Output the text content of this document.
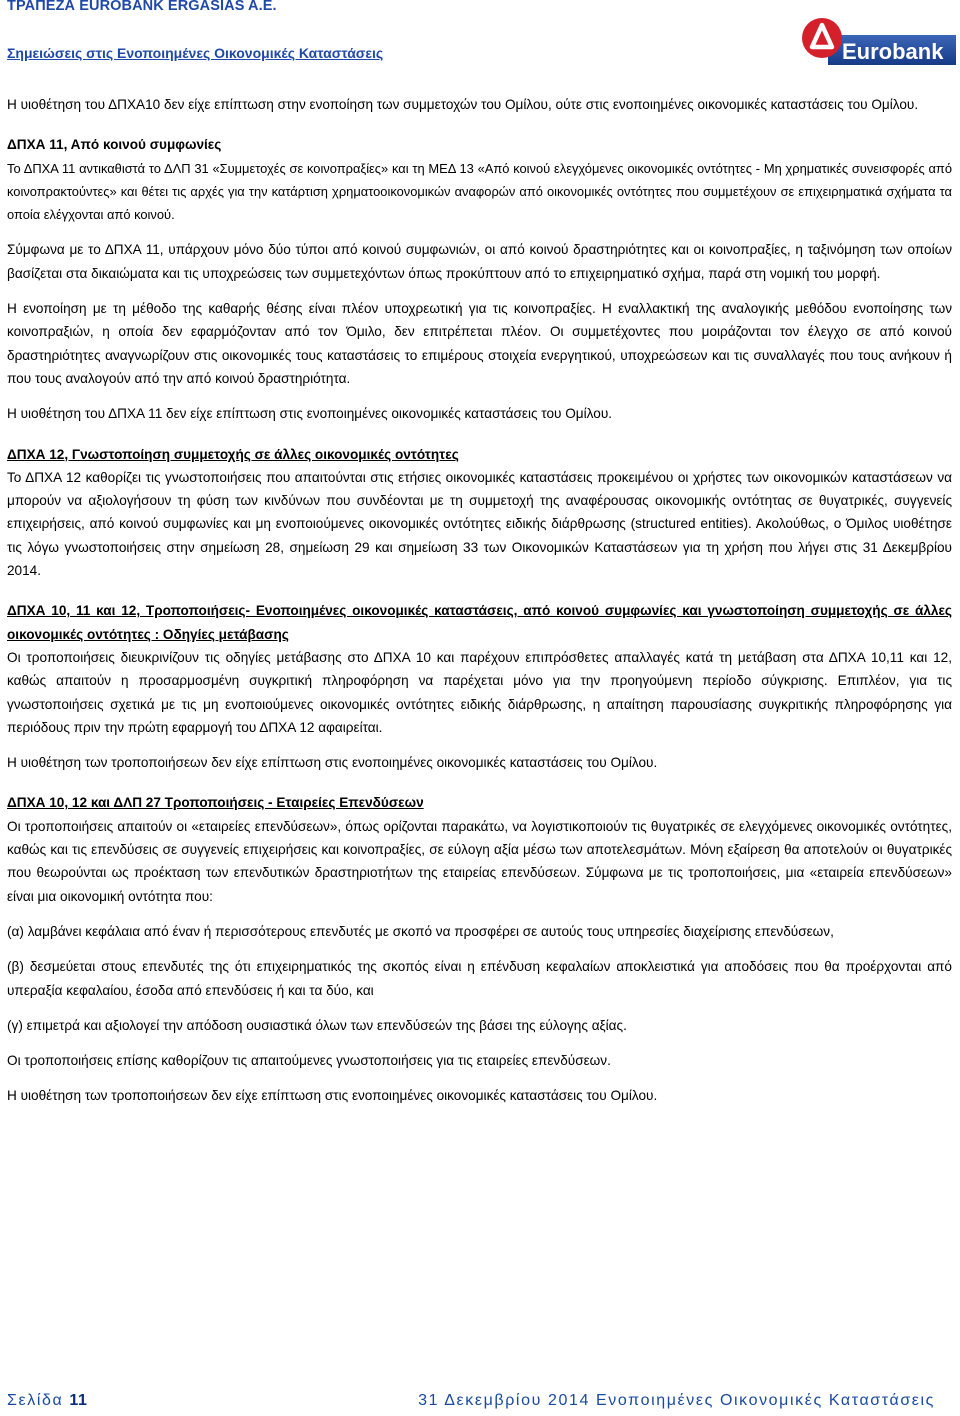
ΤΡΑΠΕΖΑ EUROBANK ERGASIAS A.E.
Σημειώσεις στις Ενοποιημένες Οικονομικές Καταστάσεις	Eurobank

Η υιοθέτηση του ΔΠΧΑ10 δεν είχε επίπτωση στην ενοποίηση των συμμετοχών του Ομίλου, ούτε στις ενοποιημένες οικονομικές καταστάσεις του Ομίλου.

ΔΠΧΑ 11, Από κοινού συμφωνίες

Το ΔΠΧΑ 11 αντικαθιστά το ΔΛΠ 31 «Συμμετοχές σε κοινοπραξίες» και τη ΜΕΔ 13 «Από κοινού ελεγχόμενες οικονομικές οντότητες - Μη χρηματικές συνεισφορές από κοινοπρακτούντες» και θέτει τις αρχές για την κατάρτιση χρηματοοικονομικών αναφορών από οικονομικές οντότητες που συμμετέχουν σε επιχειρηματικά σχήματα τα οποία ελέγχονται από κοινού.

Σύμφωνα με το ΔΠΧΑ 11, υπάρχουν μόνο δύο τύποι από κοινού συμφωνιών, οι από κοινού δραστηριότητες και οι κοινοπραξίες, η ταξινόμηση των οποίων βασίζεται στα δικαιώματα και τις υποχρεώσεις των συμμετεχόντων όπως προκύπτουν από το επιχειρηματικό σχήμα, παρά στη νομική του μορφή.

Η ενοποίηση με τη μέθοδο της καθαρής θέσης είναι πλέον υποχρεωτική για τις κοινοπραξίες. Η εναλλακτική της αναλογικής μεθόδου ενοποίησης των κοινοπραξιών, η οποία δεν εφαρμόζονταν από τον Όμιλο, δεν επιτρέπεται πλέον. Οι συμμετέχοντες που μοιράζονται τον έλεγχο σε από κοινού δραστηριότητες αναγνωρίζουν στις οικονομικές τους καταστάσεις το επιμέρους στοιχεία ενεργητικού, υποχρεώσεων και τις συναλλαγές που τους ανήκουν ή που τους αναλογούν από την από κοινού δραστηριότητα.

Η υιοθέτηση του ΔΠΧΑ 11 δεν είχε επίπτωση στις ενοποιημένες οικονομικές καταστάσεις του Ομίλου.

ΔΠΧΑ 12, Γνωστοποίηση συμμετοχής σε άλλες οικονομικές οντότητες

Το ΔΠΧΑ 12 καθορίζει τις γνωστοποιήσεις που απαιτούνται στις ετήσιες οικονομικές καταστάσεις προκειμένου οι χρήστες των οικονομικών καταστάσεων να μπορούν να αξιολογήσουν τη φύση των κινδύνων που συνδέονται με τη συμμετοχή της αναφέρουσας οικονομικής οντότητας σε θυγατρικές, συγγενείς επιχειρήσεις, από κοινού συμφωνίες και μη ενοποιούμενες οικονομικές οντότητες ειδικής διάρθρωσης (structured entities). Ακολούθως, ο Όμιλος υιοθέτησε τις λόγω γνωστοποιήσεις στην σημείωση 28, σημείωση 29 και σημείωση 33 των Οικονομικών Καταστάσεων για τη χρήση που λήγει στις 31 Δεκεμβρίου 2014.

ΔΠΧΑ 10, 11 και 12, Τροποποιήσεις- Ενοποιημένες οικονομικές καταστάσεις, από κοινού συμφωνίες και γνωστοποίηση συμμετοχής σε άλλες οικονομικές οντότητες : Οδηγίες μετάβασης

Οι τροποποιήσεις διευκρινίζουν τις οδηγίες μετάβασης στο ΔΠΧΑ 10 και παρέχουν επιπρόσθετες απαλλαγές κατά τη μετάβαση στα ΔΠΧΑ 10,11 και 12, καθώς απαιτούν η προσαρμοσμένη συγκριτική πληροφόρηση να παρέχεται μόνο για την προηγούμενη περίοδο σύγκρισης. Επιπλέον, για τις γνωστοποιήσεις σχετικά με τις μη ενοποιούμενες οικονομικές οντότητες ειδικής διάρθρωσης, η απαίτηση παρουσίασης συγκριτικής πληροφόρησης για περιόδους πριν την πρώτη εφαρμογή του ΔΠΧΑ 12 αφαιρείται.

Η υιοθέτηση των τροποποιήσεων δεν είχε επίπτωση στις ενοποιημένες οικονομικές καταστάσεις του Ομίλου.

ΔΠΧΑ 10, 12 και ΔΛΠ 27 Τροποποιήσεις - Εταιρείες Επενδύσεων

Οι τροποποιήσεις απαιτούν οι «εταιρείες επενδύσεων», όπως ορίζονται παρακάτω, να λογιστικοποιούν τις θυγατρικές σε ελεγχόμενες οικονομικές οντότητες, καθώς και τις επενδύσεις σε συγγενείς επιχειρήσεις και κοινοπραξίες, σε εύλογη αξία μέσω των αποτελεσμάτων. Μόνη εξαίρεση θα αποτελούν οι θυγατρικές που θεωρούνται ως προέκταση των επενδυτικών δραστηριοτήτων της εταιρείας επενδύσεων. Σύμφωνα με τις τροποποιήσεις, μια «εταιρεία επενδύσεων» είναι μια οικονομική οντότητα που:

(α) λαμβάνει κεφάλαια από έναν ή περισσότερους επενδυτές με σκοπό να προσφέρει σε αυτούς τους υπηρεσίες διαχείρισης επενδύσεων,

(β) δεσμεύεται στους επενδυτές της ότι επιχειρηματικός της σκοπός είναι η επένδυση κεφαλαίων αποκλειστικά για αποδόσεις που θα προέρχονται από υπεραξία κεφαλαίου, έσοδα από επενδύσεις ή και τα δύο, και

(γ) επιμετρά και αξιολογεί την απόδοση ουσιαστικά όλων των επενδύσεών της βάσει της εύλογης αξίας.

Οι τροποποιήσεις επίσης καθορίζουν τις απαιτούμενες γνωστοποιήσεις για τις εταιρείες επενδύσεων.

Η υιοθέτηση των τροποποιήσεων δεν είχε επίπτωση στις ενοποιημένες οικονομικές καταστάσεις του Ομίλου.

Σελίδα 11	31 Δεκεμβρίου 2014 Ενοποιημένες Οικονομικές Καταστάσεις
